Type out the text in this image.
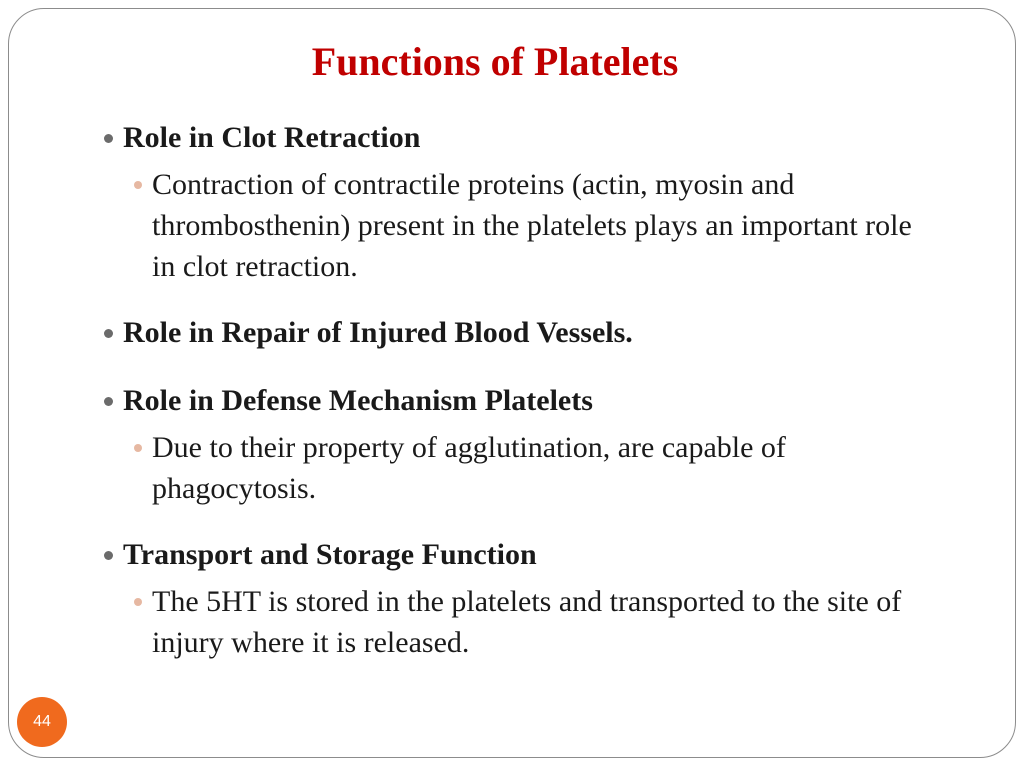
Functions of Platelets
Role in Clot Retraction
Contraction of contractile proteins (actin, myosin and thrombosthenin) present in the platelets plays an important role in clot retraction.
Role in Repair of Injured Blood Vessels.
Role in Defense Mechanism Platelets
Due to their property of agglutination, are capable of phagocytosis.
Transport and Storage Function
The 5HT is stored in the platelets and transported to the site of injury where it is released.
44
